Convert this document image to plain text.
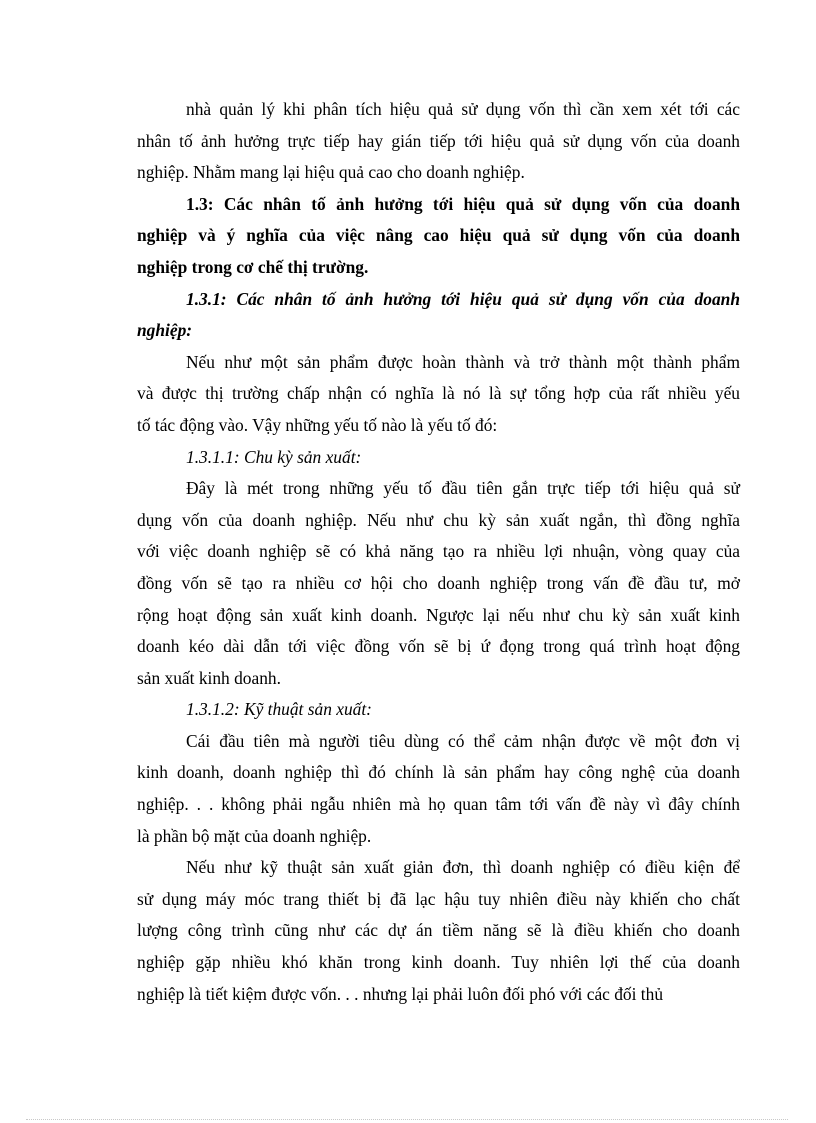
nhà quản lý khi phân tích hiệu quả sử dụng vốn thì cần xem xét tới các
nhân tố ảnh hưởng trực tiếp hay gián tiếp tới hiệu quả sử dụng vốn của doanh
nghiệp. Nhằm mang lại hiệu quả cao cho doanh nghiệp.
1.3: Các nhân tố ảnh hưởng tới hiệu quả sử dụng vốn của doanh
nghiệp và ý nghĩa của việc nâng cao hiệu quả sử dụng vốn của doanh
nghiệp trong cơ chế thị trường.
1.3.1: Các nhân tố ảnh hưởng tới hiệu quả sử dụng vốn của doanh
nghiệp:
Nếu như một sản phẩm được hoàn thành và trở thành một thành phẩm
và được thị trường chấp nhận có nghĩa là nó là sự tổng hợp của rất nhiều yếu
tố tác động vào. Vậy những yếu tố nào là yếu tố đó:
1.3.1.1: Chu kỳ sản xuất:
Đây là mét trong những yếu tố đầu tiên gắn trực tiếp tới hiệu quả sử
dụng vốn của doanh nghiệp. Nếu như chu kỳ sản xuất ngắn, thì đồng nghĩa
với việc doanh nghiệp sẽ có khả năng tạo ra nhiều lợi nhuận, vòng quay của
đồng vốn sẽ tạo ra nhiều cơ hội cho doanh nghiệp trong vấn đề đầu tư, mở
rộng hoạt động sản xuất kinh doanh. Ngược lại nếu như chu kỳ sản xuất kinh
doanh kéo dài dẫn tới việc đồng vốn sẽ bị ứ đọng trong quá trình hoạt động
sản xuất kinh doanh.
1.3.1.2: Kỹ thuật sản xuất:
Cái đầu tiên mà người tiêu dùng có thể cảm nhận được về một đơn vị
kinh doanh, doanh nghiệp thì đó chính là sản phẩm hay công nghệ của doanh
nghiệp. . . không phải ngẫu nhiên mà họ quan tâm tới vấn đề này vì đây chính
là phần bộ mặt của doanh nghiệp.
Nếu như kỹ thuật sản xuất giản đơn, thì doanh nghiệp có điều kiện để
sử dụng máy móc trang thiết bị đã lạc hậu tuy nhiên điều này khiến cho chất
lượng công trình cũng như các dự án tiềm năng sẽ là điều khiến cho doanh
nghiệp gặp nhiều khó khăn trong kinh doanh. Tuy nhiên lợi thế của doanh
nghiệp là tiết kiệm được vốn. . . nhưng lại phải luôn đối phó với các đối thủ
